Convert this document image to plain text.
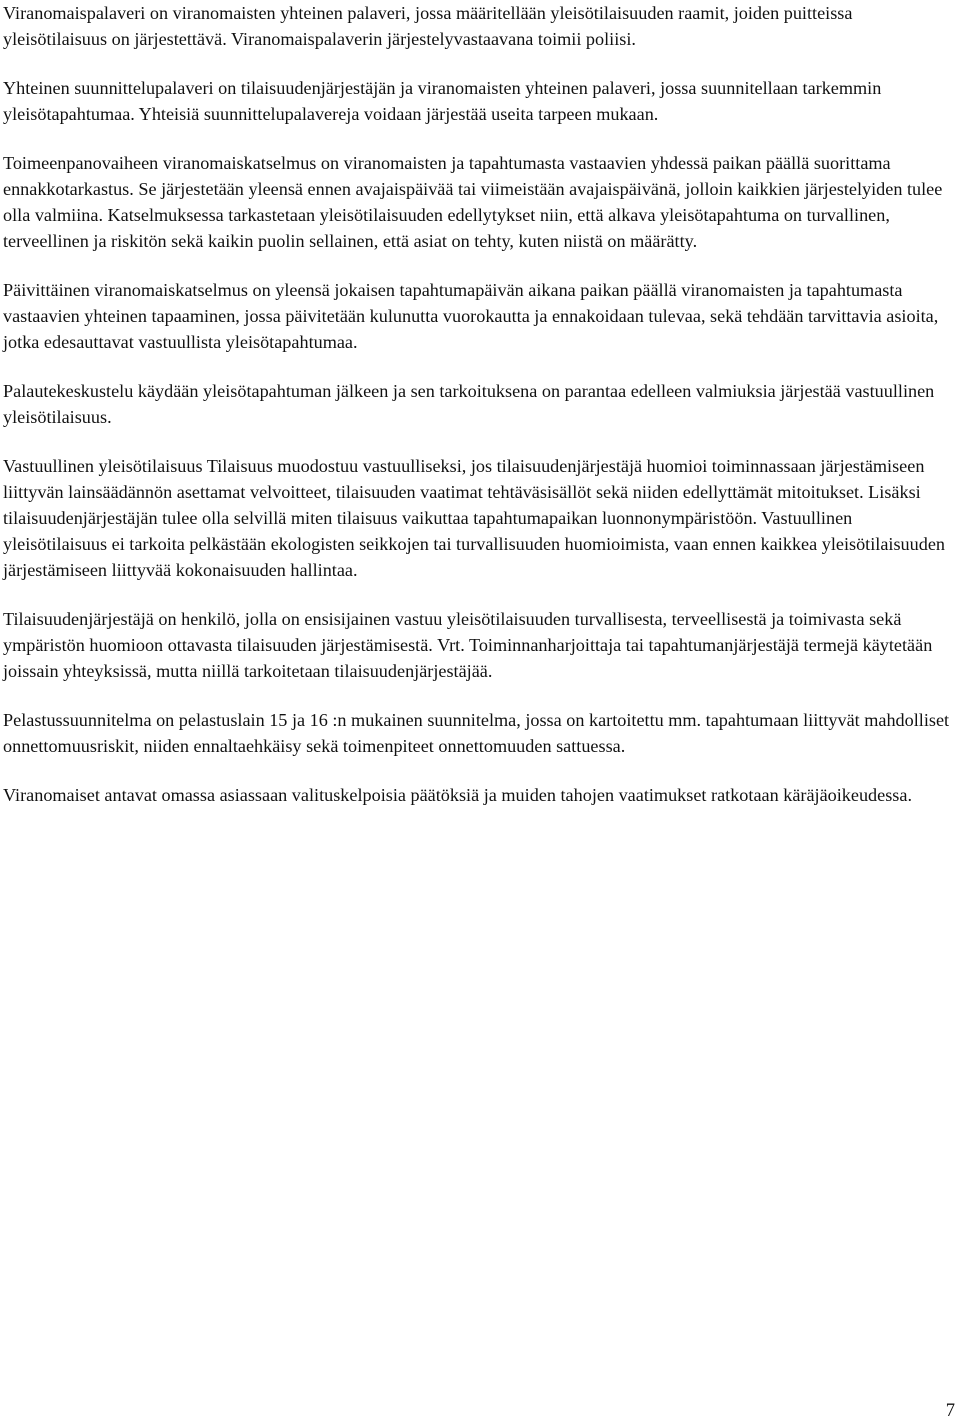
Viranomaispalaveri on viranomaisten yhteinen palaveri, jossa määritellään yleisötilaisuuden raamit, joiden puitteissa yleisötilaisuus on järjestettävä. Viranomaispalaverin järjestelyvastaavana toimii poliisi.

Yhteinen suunnittelupalaveri on tilaisuudenjärjestäjän ja viranomaisten yhteinen palaveri, jossa suunnitellaan tarkemmin yleisötapahtumaa. Yhteisiä suunnittelupalavereja voidaan järjestää useita tarpeen mukaan.

Toimeenpanovaiheen viranomaiskatselmus on viranomaisten ja tapahtumasta vastaavien yhdessä paikan päällä suorittama ennakkotarkastus. Se järjestetään yleensä ennen avajaispäivää tai viimeistään avajaispäivänä, jolloin kaikkien järjestelyiden tulee olla valmiina. Katselmuksessa tarkastetaan yleisötilaisuuden edellytykset niin, että alkava yleisötapahtuma on turvallinen, terveellinen ja riskitön sekä kaikin puolin sellainen, että asiat on tehty, kuten niistä on määrätty.

Päivittäinen viranomaiskatselmus on yleensä jokaisen tapahtumapäivän aikana paikan päällä viranomaisten ja tapahtumasta vastaavien yhteinen tapaaminen, jossa päivitetään kulunutta vuorokautta ja ennakoidaan tulevaa, sekä tehdään tarvittavia asioita, jotka edesauttavat vastuullista yleisötapahtumaa.

Palautekeskustelu käydään yleisötapahtuman jälkeen ja sen tarkoituksena on parantaa edelleen valmiuksia järjestää vastuullinen yleisötilaisuus.

Vastuullinen yleisötilaisuus Tilaisuus muodostuu vastuulliseksi, jos tilaisuudenjärjestäjä huomioi toiminnassaan järjestämiseen liittyvän lainsäädännön asettamat velvoitteet, tilaisuuden vaatimat tehtäväsisällöt sekä niiden edellyttämät mitoitukset. Lisäksi tilaisuudenjärjestäjän tulee olla selvillä miten tilaisuus vaikuttaa tapahtumapaikan luonnonympäristöön. Vastuullinen yleisötilaisuus ei tarkoita pelkästään ekologisten seikkojen tai turvallisuuden huomioimista, vaan ennen kaikkea yleisötilaisuuden järjestämiseen liittyvää kokonaisuuden hallintaa.

Tilaisuudenjärjestäjä on henkilö, jolla on ensisijainen vastuu yleisötilaisuuden turvallisesta, terveellisestä ja toimivasta sekä ympäristön huomioon ottavasta tilaisuuden järjestämisestä. Vrt. Toiminnanharjoittaja tai tapahtumanjärjestäjä termejä käytetään joissain yhteyksissä, mutta niillä tarkoitetaan tilaisuudenjärjestäjää.

Pelastussuunnitelma on pelastuslain 15 ja 16 :n mukainen suunnitelma, jossa on kartoitettu mm. tapahtumaan liittyvät mahdolliset onnettomuusriskit, niiden ennaltaehkäisy sekä toimenpiteet onnettomuuden sattuessa.

Viranomaiset antavat omassa asiassaan valituskelpoisia päätöksiä ja muiden tahojen vaatimukset ratkotaan käräjäoikeudessa.

7
